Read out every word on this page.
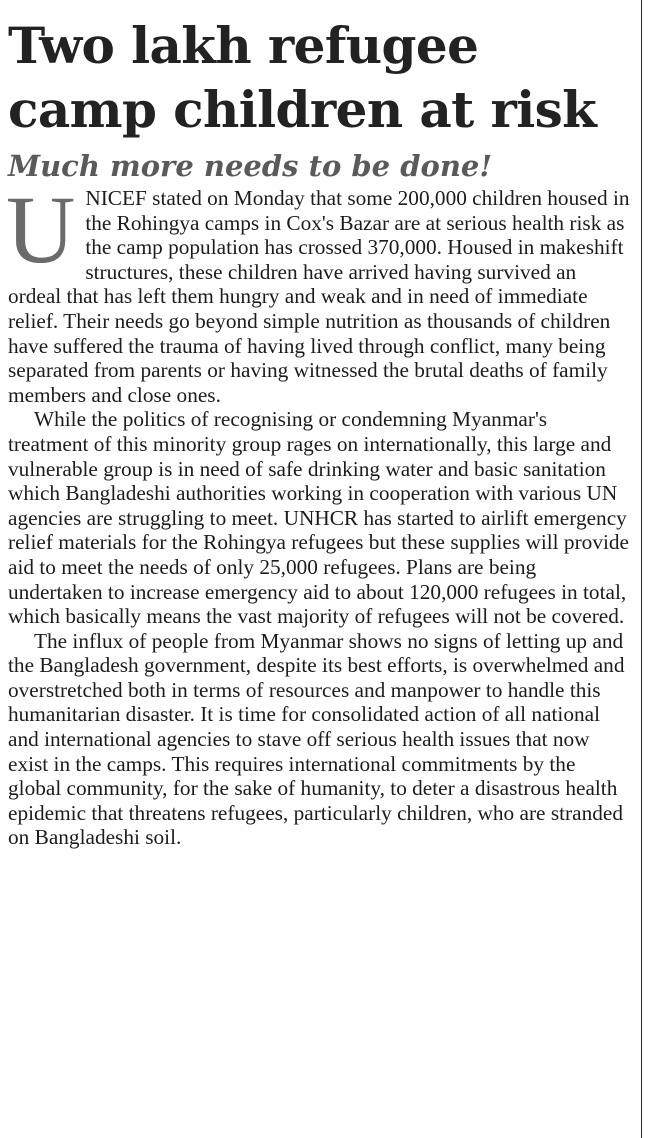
Two lakh refugee
camp children at risk
Much more needs to be done!

UNICEF stated on Monday that some 200,000 children housed in the Rohingya camps in Cox's Bazar are at serious health risk as the camp population has crossed 370,000. Housed in makeshift structures, these children have arrived having survived an ordeal that has left them hungry and weak and in need of immediate relief. Their needs go beyond simple nutrition as thousands of children have suffered the trauma of having lived through conflict, many being separated from parents or having witnessed the brutal deaths of family members and close ones.

While the politics of recognising or condemning Myanmar's treatment of this minority group rages on internationally, this large and vulnerable group is in need of safe drinking water and basic sanitation which Bangladeshi authorities working in cooperation with various UN agencies are struggling to meet. UNHCR has started to airlift emergency relief materials for the Rohingya refugees but these supplies will provide aid to meet the needs of only 25,000 refugees. Plans are being undertaken to increase emergency aid to about 120,000 refugees in total, which basically means the vast majority of refugees will not be covered.

The influx of people from Myanmar shows no signs of letting up and the Bangladesh government, despite its best efforts, is overwhelmed and overstretched both in terms of resources and manpower to handle this humanitarian disaster. It is time for consolidated action of all national and international agencies to stave off serious health issues that now exist in the camps. This requires international commitments by the global community, for the sake of humanity, to deter a disastrous health epidemic that threatens refugees, particularly children, who are stranded on Bangladeshi soil.
